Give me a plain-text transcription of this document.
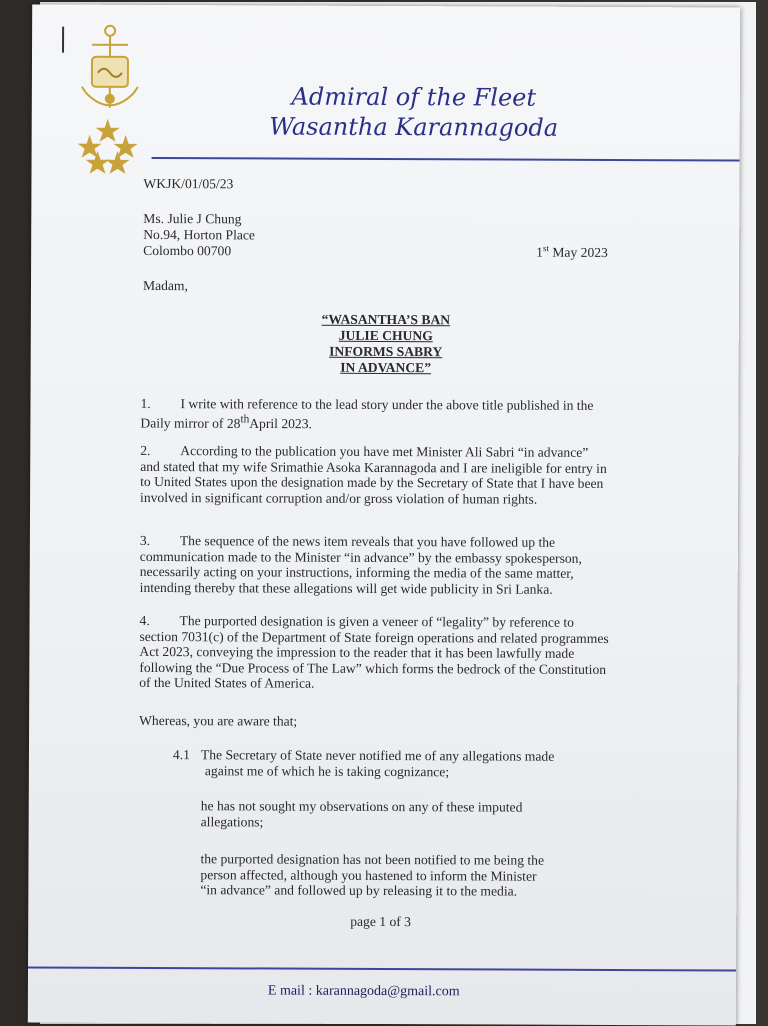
Admiral of the Fleet
Wasantha Karannagoda
WKJK/01/05/23
Ms. Julie J Chung
No.94, Horton Place
Colombo 00700	1st May 2023
Madam,
“WASANTHA’S BAN
JULIE CHUNG
INFORMS SABRY
IN ADVANCE”
1. I write with reference to the lead story under the above title published in the
Daily mirror of 28thApril 2023.
2. According to the publication you have met Minister Ali Sabri “in advance”
and stated that my wife Srimathie Asoka Karannagoda and I are ineligible for entry in
to United States upon the designation made by the Secretary of State that I have been
involved in significant corruption and/or gross violation of human rights.
3. The sequence of the news item reveals that you have followed up the
communication made to the Minister “in advance” by the embassy spokesperson,
necessarily acting on your instructions, informing the media of the same matter,
intending thereby that these allegations will get wide publicity in Sri Lanka.
4. The purported designation is given a veneer of “legality” by reference to
section 7031(c) of the Department of State foreign operations and related programmes
Act 2023, conveying the impression to the reader that it has been lawfully made
following the “Due Process of The Law” which forms the bedrock of the Constitution
of the United States of America.
Whereas, you are aware that;
4.1 The Secretary of State never notified me of any allegations made
against me of which he is taking cognizance;
he has not sought my observations on any of these imputed
allegations;
the purported designation has not been notified to me being the
person affected, although you hastened to inform the Minister
“in advance” and followed up by releasing it to the media.
page 1 of 3
E mail : karannagoda@gmail.com
